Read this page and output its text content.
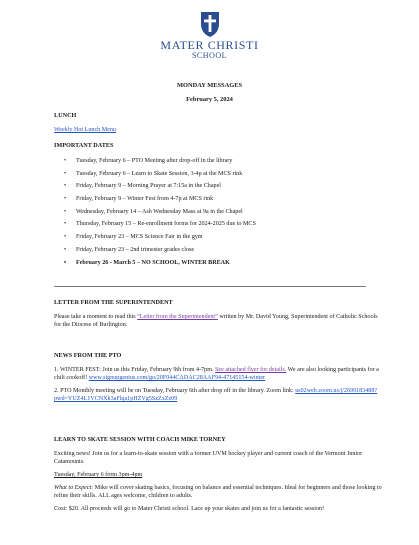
MATER CHRISTI
SCHOOL
MONDAY MESSAGES
February 5, 2024
LUNCH
Weekly Hot Lunch Menu
IMPORTANT DATES
• Tuesday, February 6 – PTO Meeting after drop-off in the library
• Tuesday, February 6 – Learn to Skate Session, 3-4p at the MCS rink
• Friday, February 9 – Morning Prayer at 7:15a in the Chapel
• Friday, February 9 – Winter Fest from 4-7p at MCS rink
• Wednesday, February 14 – Ash Wednesday Mass at 9a in the Chapel
• Thursday, February 15 – Re-enrollment forms for 2024-2025 due to MCS
• Friday, February 23 – MCS Science Fair in the gym
• Friday, February 23 – 2nd trimester grades close
• February 26 - March 5 – NO SCHOOL, WINTER BREAK
LETTER FROM THE SUPERINTENDENT

Please take a moment to read this “Letter from the Superintendent” written by Mr. David Young, Superintendent of Catholic Schools for the Diocese of Burlington.

NEWS FROM THE PTO

1. WINTER FEST: Join us this Friday, February 9th from 4-7pm. See attached flyer for details. We are also looking participants for a chili cookoff! www.signupgenius.com/go/20F044CADAC28AAF94-47145154-winter

2. PTO Monthly meeting will be on Tuesday, February 6th after drop off in the library. Zoom link: us02web.zoom.us/j/2699183488?pwd=YUZ4L1VCNXk3aFlqa1pHZVg5SzZxZz09

LEARN TO SKATE SESSION WITH COACH MIKE TORNEY

Exciting news! Join us for a learn-to-skate session with a former UVM hockey player and current coach of the Vermont Junior Catamounts.

Tuesday, February 6 from 3pm-4pm

What to Expect: Mike will cover skating basics, focusing on balance and essential techniques. Ideal for beginners and those looking to refine their skills. ALL ages welcome, children to adults.

Cost: $20. All proceeds will go to Mater Christi school. Lace up your skates and join us for a fantastic session!
